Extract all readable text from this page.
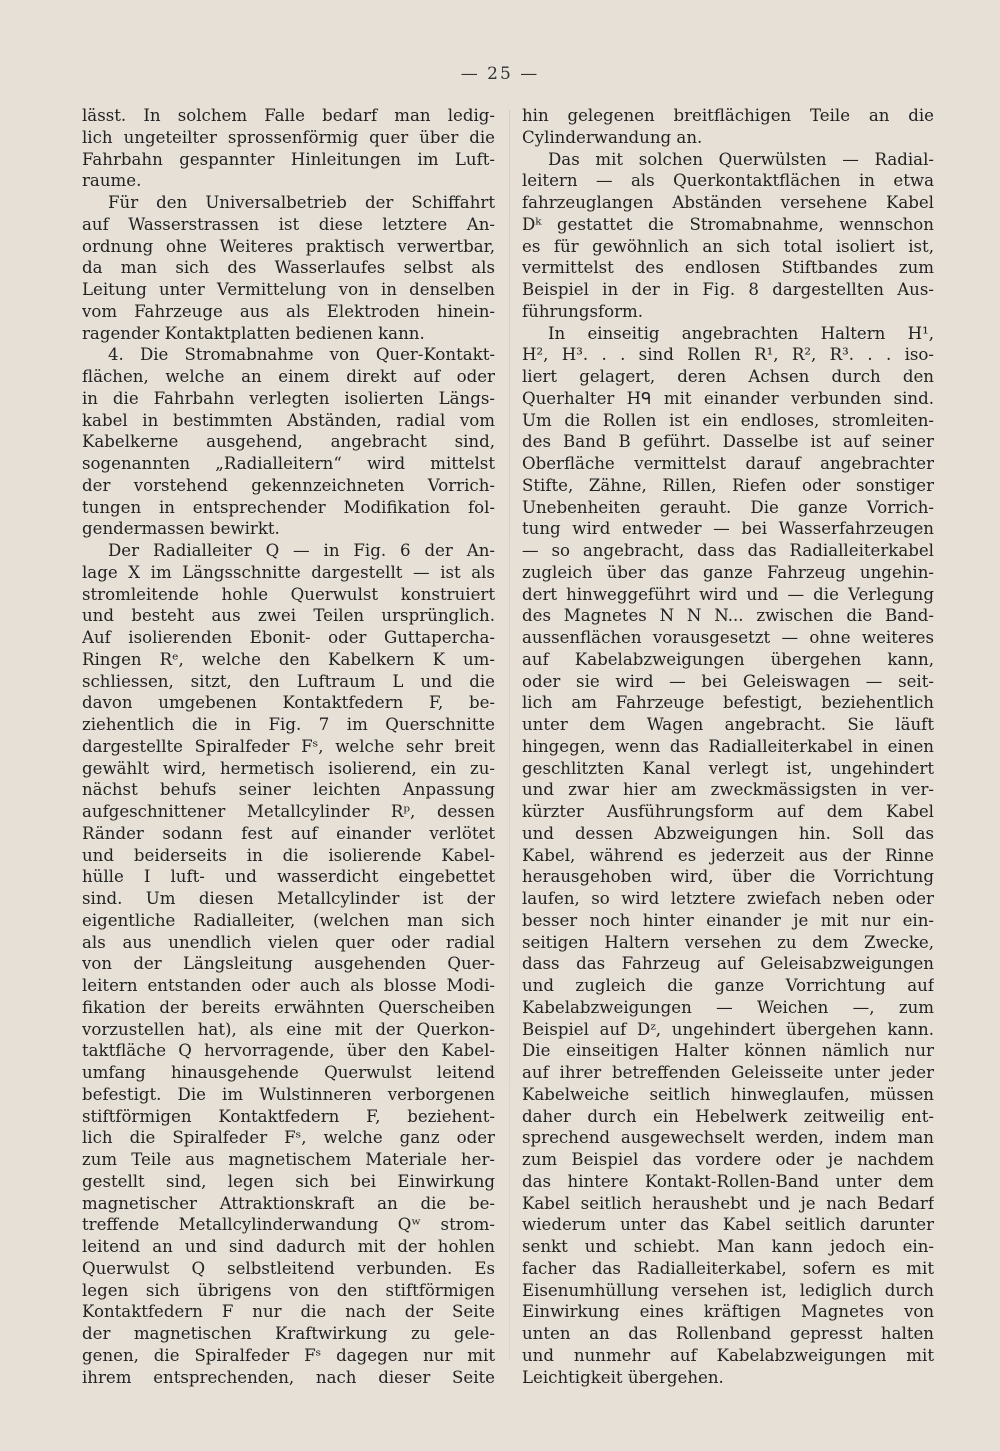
— 25 —
lässt. In solchem Falle bedarf man ledig-
lich ungeteilter sprossenförmig quer über die
Fahrbahn gespannter Hinleitungen im Luft-
raume.
Für den Universalbetrieb der Schiffahrt
auf Wasserstrassen ist diese letztere An-
ordnung ohne Weiteres praktisch verwertbar,
da man sich des Wasserlaufes selbst als
Leitung unter Vermittelung von in denselben
vom Fahrzeuge aus als Elektroden hinein-
ragender Kontaktplatten bedienen kann.
4. Die Stromabnahme von Quer-Kontakt-
flächen, welche an einem direkt auf oder
in die Fahrbahn verlegten isolierten Längs-
kabel in bestimmten Abständen, radial vom
Kabelkerne ausgehend, angebracht sind,
sogenannten „Radialleitern“ wird mittelst
der vorstehend gekennzeichneten Vorrich-
tungen in entsprechender Modifikation fol-
gendermassen bewirkt.
Der Radialleiter Q — in Fig. 6 der An-
lage X im Längsschnitte dargestellt — ist als
stromleitende hohle Querwulst konstruiert
und besteht aus zwei Teilen ursprünglich.
Auf isolierenden Ebonit- oder Guttapercha-
Ringen Rᵉ, welche den Kabelkern K um-
schliessen, sitzt, den Luftraum L und die
davon umgebenen Kontaktfedern F, be-
ziehentlich die in Fig. 7 im Querschnitte
dargestellte Spiralfeder Fˢ, welche sehr breit
gewählt wird, hermetisch isolierend, ein zu-
nächst behufs seiner leichten Anpassung
aufgeschnittener Metallcylinder Rᵖ, dessen
Ränder sodann fest auf einander verlötet
und beiderseits in die isolierende Kabel-
hülle I luft- und wasserdicht eingebettet
sind. Um diesen Metallcylinder ist der
eigentliche Radialleiter, (welchen man sich
als aus unendlich vielen quer oder radial
von der Längsleitung ausgehenden Quer-
leitern entstanden oder auch als blosse Modi-
fikation der bereits erwähnten Querscheiben
vorzustellen hat), als eine mit der Querkon-
taktfläche Q hervorragende, über den Kabel-
umfang hinausgehende Querwulst leitend
befestigt. Die im Wulstinneren verborgenen
stiftförmigen Kontaktfedern F, beziehent-
lich die Spiralfeder Fˢ, welche ganz oder
zum Teile aus magnetischem Materiale her-
gestellt sind, legen sich bei Einwirkung
magnetischer Attraktionskraft an die be-
treffende Metallcylinderwandung Qʷ strom-
leitend an und sind dadurch mit der hohlen
Querwulst Q selbstleitend verbunden. Es
legen sich übrigens von den stiftförmigen
Kontaktfedern F nur die nach der Seite
der magnetischen Kraftwirkung zu gele-
genen, die Spiralfeder Fˢ dagegen nur mit
ihrem entsprechenden, nach dieser Seite
hin gelegenen breitflächigen Teile an die
Cylinderwandung an.
Das mit solchen Querwülsten — Radial-
leitern — als Querkontaktflächen in etwa
fahrzeuglangen Abständen versehene Kabel
Dᵏ gestattet die Stromabnahme, wennschon
es für gewöhnlich an sich total isoliert ist,
vermittelst des endlosen Stiftbandes zum
Beispiel in der in Fig. 8 dargestellten Aus-
führungsform.
In einseitig angebrachten Haltern H¹,
H², H³. . . sind Rollen R¹, R², R³. . . iso-
liert gelagert, deren Achsen durch den
Querhalter Hᑫ mit einander verbunden sind.
Um die Rollen ist ein endloses, stromleiten-
des Band B geführt. Dasselbe ist auf seiner
Oberfläche vermittelst darauf angebrachter
Stifte, Zähne, Rillen, Riefen oder sonstiger
Unebenheiten gerauht. Die ganze Vorrich-
tung wird entweder — bei Wasserfahrzeugen
— so angebracht, dass das Radialleiterkabel
zugleich über das ganze Fahrzeug ungehin-
dert hinweggeführt wird und — die Verlegung
des Magnetes N N N... zwischen die Band-
aussenflächen vorausgesetzt — ohne weiteres
auf Kabelabzweigungen übergehen kann,
oder sie wird — bei Geleiswagen — seit-
lich am Fahrzeuge befestigt, beziehentlich
unter dem Wagen angebracht. Sie läuft
hingegen, wenn das Radialleiterkabel in einen
geschlitzten Kanal verlegt ist, ungehindert
und zwar hier am zweckmässigsten in ver-
kürzter Ausführungsform auf dem Kabel
und dessen Abzweigungen hin. Soll das
Kabel, während es jederzeit aus der Rinne
herausgehoben wird, über die Vorrichtung
laufen, so wird letztere zwiefach neben oder
besser noch hinter einander je mit nur ein-
seitigen Haltern versehen zu dem Zwecke,
dass das Fahrzeug auf Geleisabzweigungen
und zugleich die ganze Vorrichtung auf
Kabelabzweigungen — Weichen —, zum
Beispiel auf Dᶻ, ungehindert übergehen kann.
Die einseitigen Halter können nämlich nur
auf ihrer betreffenden Geleisseite unter jeder
Kabelweiche seitlich hinweglaufen, müssen
daher durch ein Hebelwerk zeitweilig ent-
sprechend ausgewechselt werden, indem man
zum Beispiel das vordere oder je nachdem
das hintere Kontakt-Rollen-Band unter dem
Kabel seitlich heraushebt und je nach Bedarf
wiederum unter das Kabel seitlich darunter
senkt und schiebt. Man kann jedoch ein-
facher das Radialleiterkabel, sofern es mit
Eisenumhüllung versehen ist, lediglich durch
Einwirkung eines kräftigen Magnetes von
unten an das Rollenband gepresst halten
und nunmehr auf Kabelabzweigungen mit
Leichtigkeit übergehen.
